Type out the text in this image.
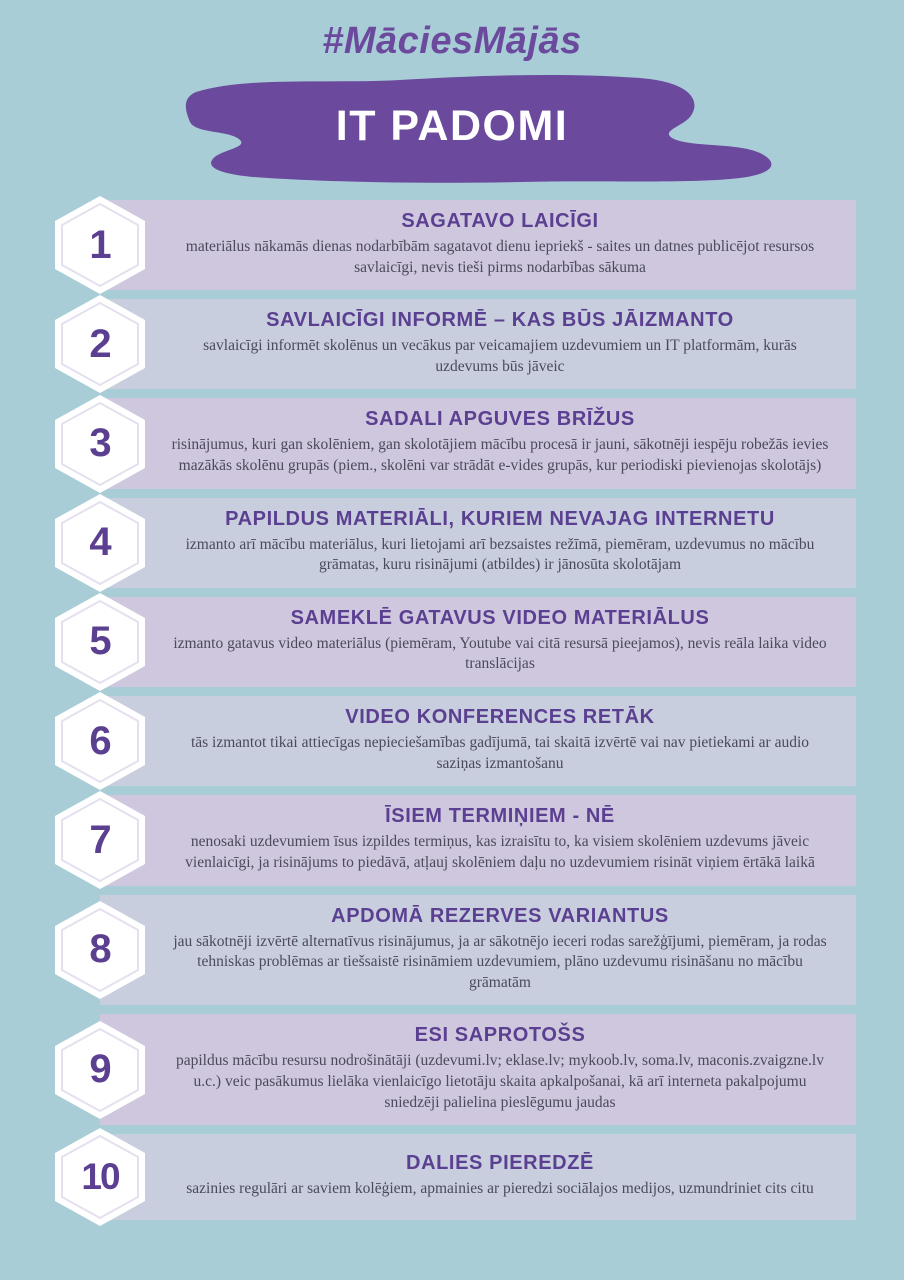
#MāciesMājās
IT PADOMI
1
SAGATAVO LAICĪGI
materiālus nākamās dienas nodarbībām sagatavot dienu iepriekš - saites un datnes publicējot resursos savlaicīgi, nevis tieši pirms nodarbības sākuma
2
SAVLAICĪGI INFORMĒ – KAS BŪS JĀIZMANTO
savlaicīgi informēt skolēnus un vecākus par veicamajiem uzdevumiem un IT platformām, kurās uzdevums būs jāveic
3
SADALI APGUVES BRĪŽUS
risinājumus, kuri gan skolēniem, gan skolotājiem mācību procesā ir jauni, sākotnēji iespēju robežās ievies mazākās skolēnu grupās (piem., skolēni var strādāt e-vides grupās, kur periodiski pievienojas skolotājs)
4
PAPILDUS MATERIĀLI, KURIEM NEVAJAG INTERNETU
izmanto arī mācību materiālus, kuri lietojami arī bezsaistes režīmā, piemēram, uzdevumus no mācību grāmatas, kuru risinājumi (atbildes) ir jānosūta skolotājam
5
SAMEKLĒ GATAVUS VIDEO MATERIĀLUS
izmanto gatavus video materiālus (piemēram, Youtube vai citā resursā pieejamos), nevis reāla laika video translācijas
6
VIDEO KONFERENCES RETĀK
tās izmantot tikai attiecīgas nepieciešamības gadījumā, tai skaitā izvērtē vai nav pietiekami ar audio saziņas izmantošanu
7
ĪSIEM TERMIŅIEM - NĒ
nenosaki uzdevumiem īsus izpildes termiņus, kas izraisītu to, ka visiem skolēniem uzdevums jāveic vienlaicīgi, ja risinājums to piedāvā, atļauj skolēniem daļu no uzdevumiem risināt viņiem ērtākā laikā
8
APDOMĀ REZERVES VARIANTUS
jau sākotnēji izvērtē alternatīvus risinājumus, ja ar sākotnējo ieceri rodas sarežģījumi, piemēram, ja rodas tehniskas problēmas ar tiešsaistē risināmiem uzdevumiem, plāno uzdevumu risināšanu no mācību grāmatām
9
ESI SAPROTOŠS
papildus mācību resursu nodrošinātāji (uzdevumi.lv; eklase.lv; mykoob.lv, soma.lv, maconis.zvaigzne.lv u.c.) veic pasākumus lielāka vienlaicīgo lietotāju skaita apkalpošanai, kā arī interneta pakalpojumu sniedzēji palielina pieslēgumu jaudas
10	DALIES PIEREDZĒ
sazinies regulāri ar saviem kolēģiem, apmainies ar pieredzi sociālajos medijos, uzmundriniet cits citu
